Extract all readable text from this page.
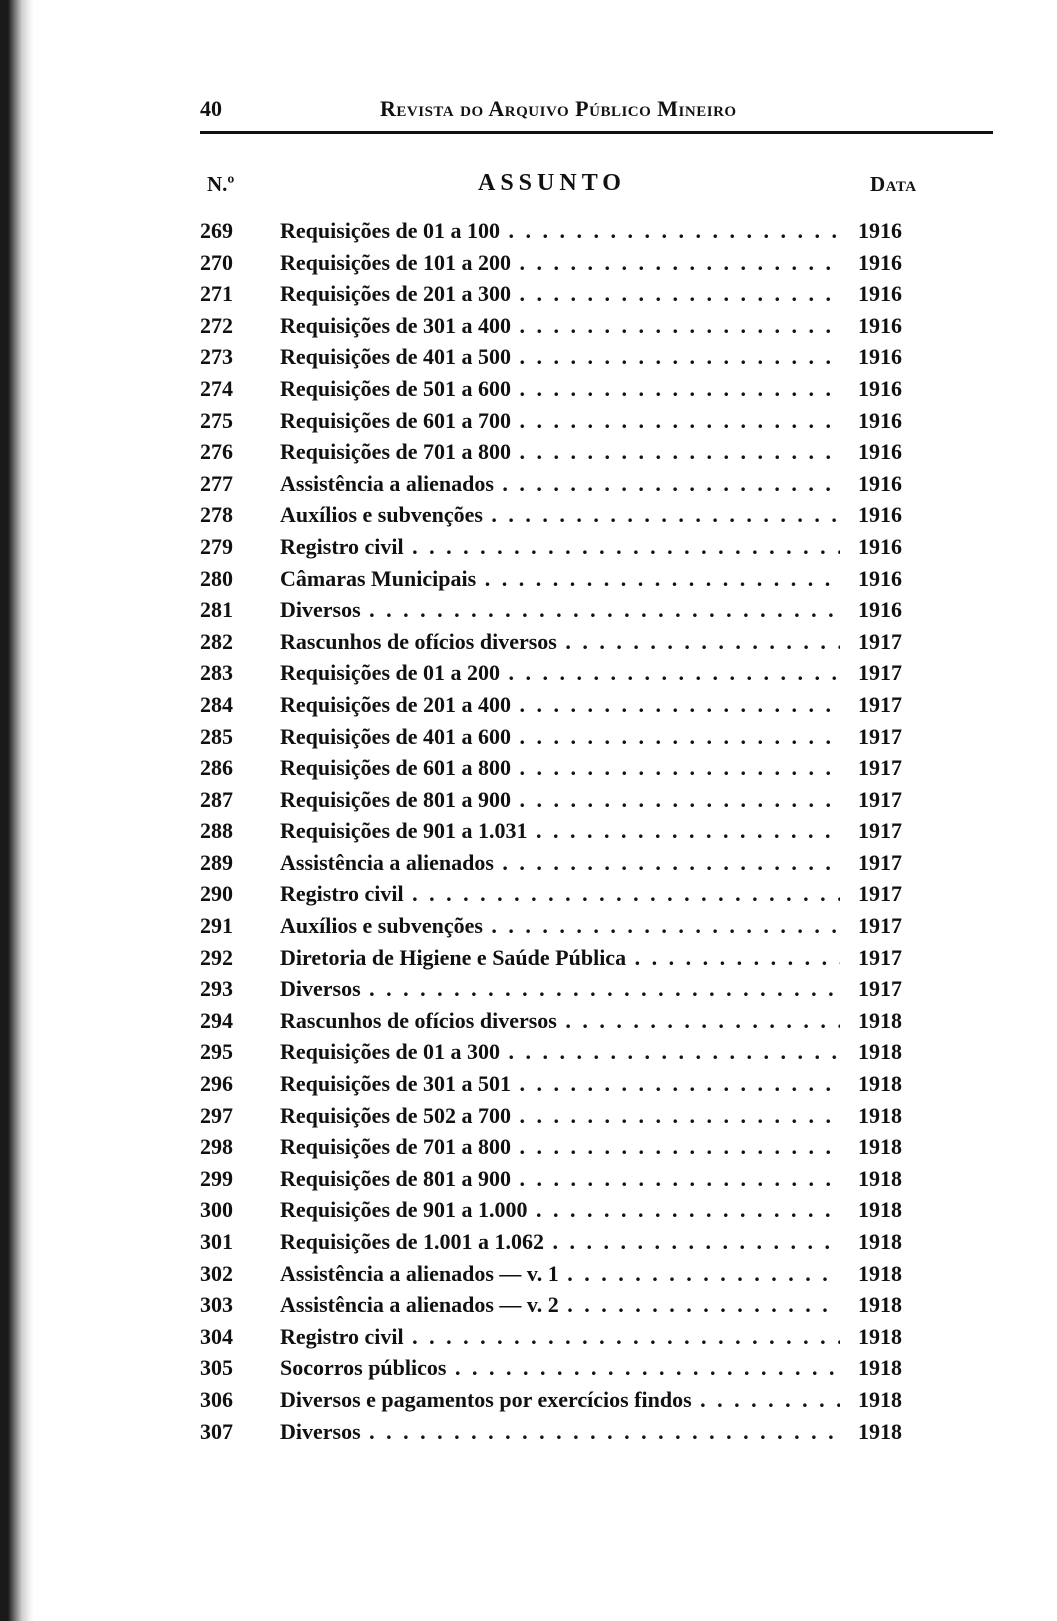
40	Revista do Arquivo Público Mineiro
N.º	ASSUNTO	Data
269	Requisições de 01 a 100 . . .	1916
270	Requisições de 101 a 200 . . .	1916
271	Requisições de 201 a 300 . . .	1916
272	Requisições de 301 a 400 . . .	1916
273	Requisições de 401 a 500 . . .	1916
274	Requisições de 501 a 600 . . .	1916
275	Requisições de 601 a 700 . . .	1916
276	Requisições de 701 a 800 . . .	1916
277	Assistência a alienados . . .	1916
278	Auxílios e subvenções . . .	1916
279	Registro civil . . .	1916
280	Câmaras Municipais . . .	1916
281	Diversos . . .	1916
282	Rascunhos de ofícios diversos . . .	1917
283	Requisições de 01 a 200 . . .	1917
284	Requisições de 201 a 400 . . .	1917
285	Requisições de 401 a 600 . . .	1917
286	Requisições de 601 a 800 . . .	1917
287	Requisições de 801 a 900 . . .	1917
288	Requisições de 901 a 1.031 . . .	1917
289	Assistência a alienados . . .	1917
290	Registro civil . . .	1917
291	Auxílios e subvenções . . .	1917
292	Diretoria de Higiene e Saúde Pública . . .	1917
293	Diversos . . .	1917
294	Rascunhos de ofícios diversos . . .	1918
295	Requisições de 01 a 300 . . .	1918
296	Requisições de 301 a 501 . . .	1918
297	Requisições de 502 a 700 . . .	1918
298	Requisições de 701 a 800 . . .	1918
299	Requisições de 801 a 900 . . .	1918
300	Requisições de 901 a 1.000 . . .	1918
301	Requisições de 1.001 a 1.062 . . .	1918
302	Assistência a alienados — v. 1 . . .	1918
303	Assistência a alienados — v. 2 . . .	1918
304	Registro civil . . .	1918
305	Socorros públicos . . .	1918
306	Diversos e pagamentos por exercícios findos . . .	1918
307	Diversos . . .	1918
